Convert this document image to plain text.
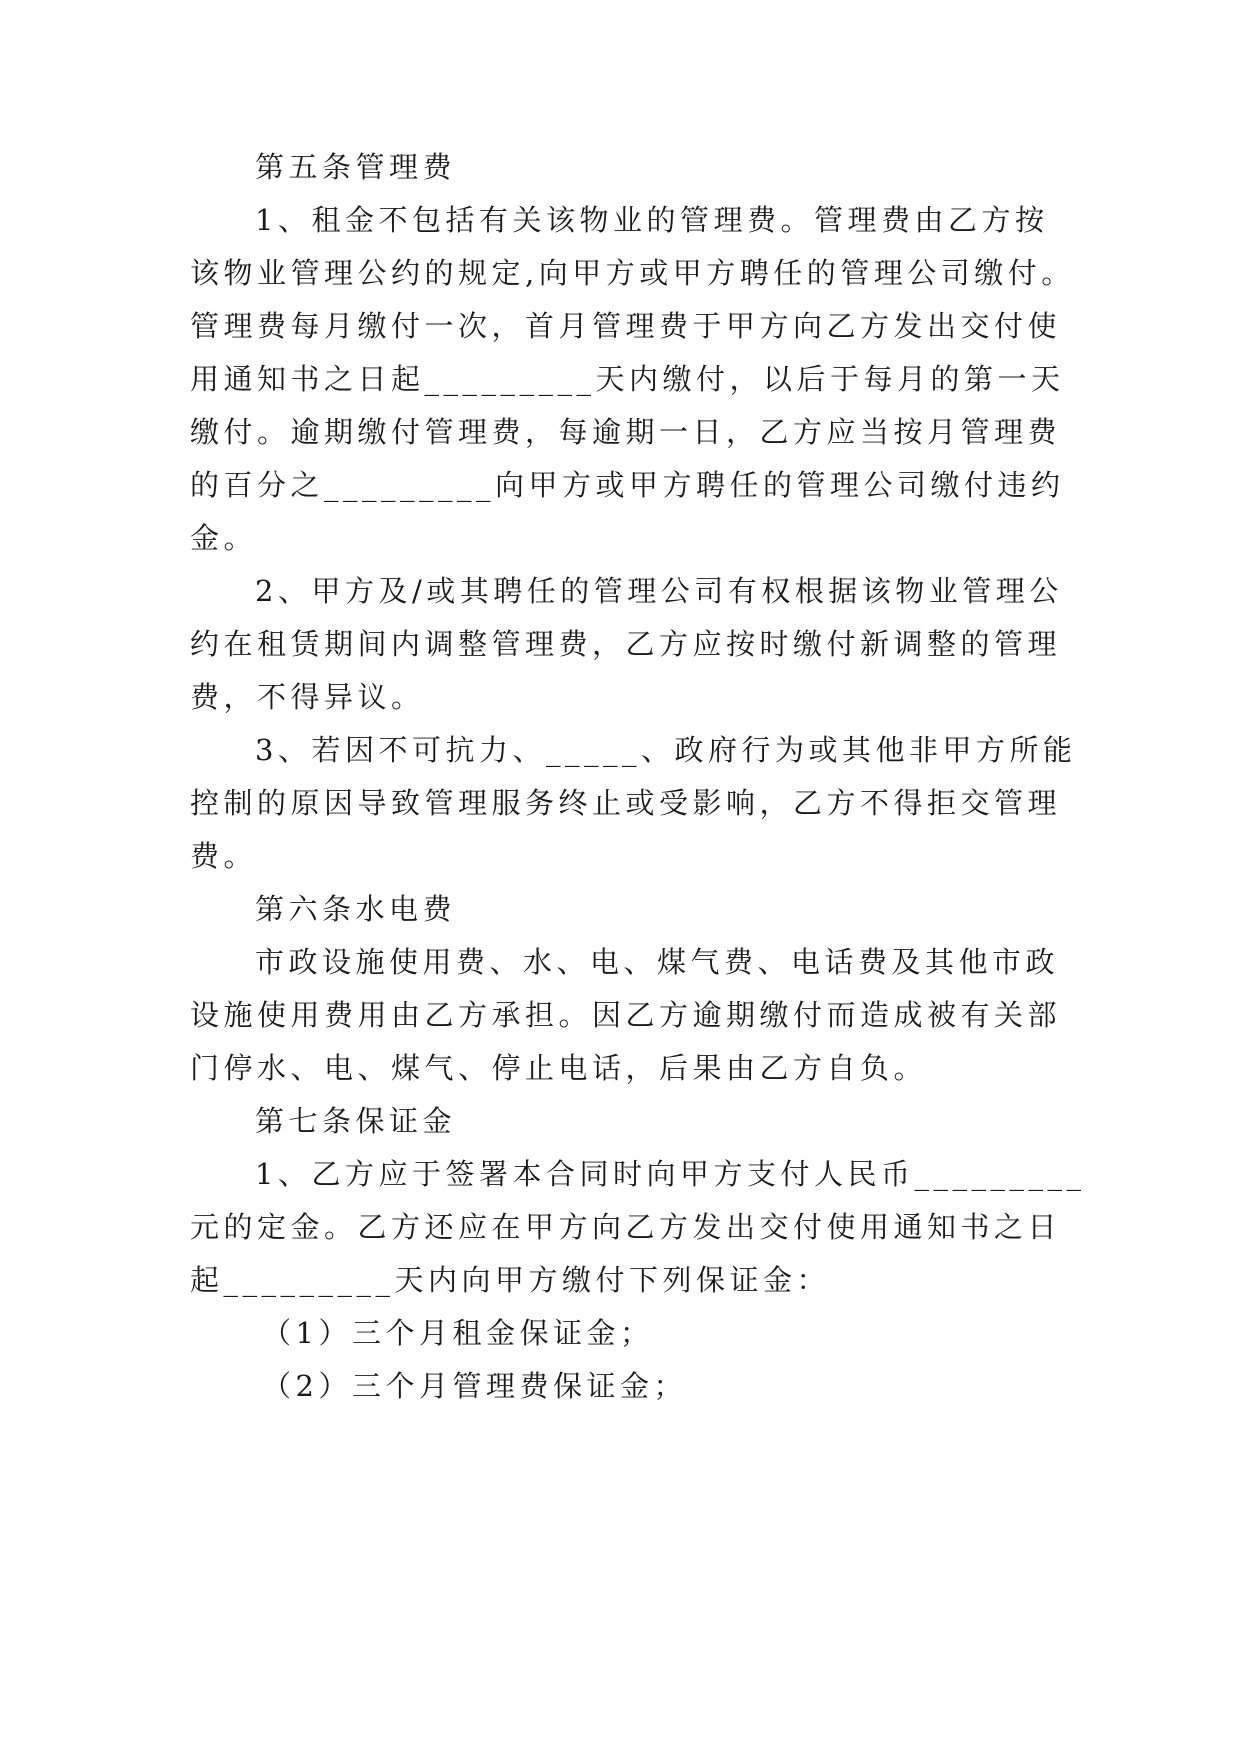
第五条管理费
1、租金不包括有关该物业的管理费。管理费由乙方按
该物业管理公约的规定,向甲方或甲方聘任的管理公司缴付。
管理费每月缴付一次，首月管理费于甲方向乙方发出交付使
用通知书之日起_________天内缴付，以后于每月的第一天
缴付。逾期缴付管理费，每逾期一日，乙方应当按月管理费
的百分之_________向甲方或甲方聘任的管理公司缴付违约
金。
2、甲方及/或其聘任的管理公司有权根据该物业管理公
约在租赁期间内调整管理费，乙方应按时缴付新调整的管理
费，不得异议。
3、若因不可抗力、_____、政府行为或其他非甲方所能
控制的原因导致管理服务终止或受影响，乙方不得拒交管理
费。
第六条水电费
市政设施使用费、水、电、煤气费、电话费及其他市政
设施使用费用由乙方承担。因乙方逾期缴付而造成被有关部
门停水、电、煤气、停止电话，后果由乙方自负。
第七条保证金
1、乙方应于签署本合同时向甲方支付人民币_________
元的定金。乙方还应在甲方向乙方发出交付使用通知书之日
起_________天内向甲方缴付下列保证金：
（1）三个月租金保证金；
（2）三个月管理费保证金；
